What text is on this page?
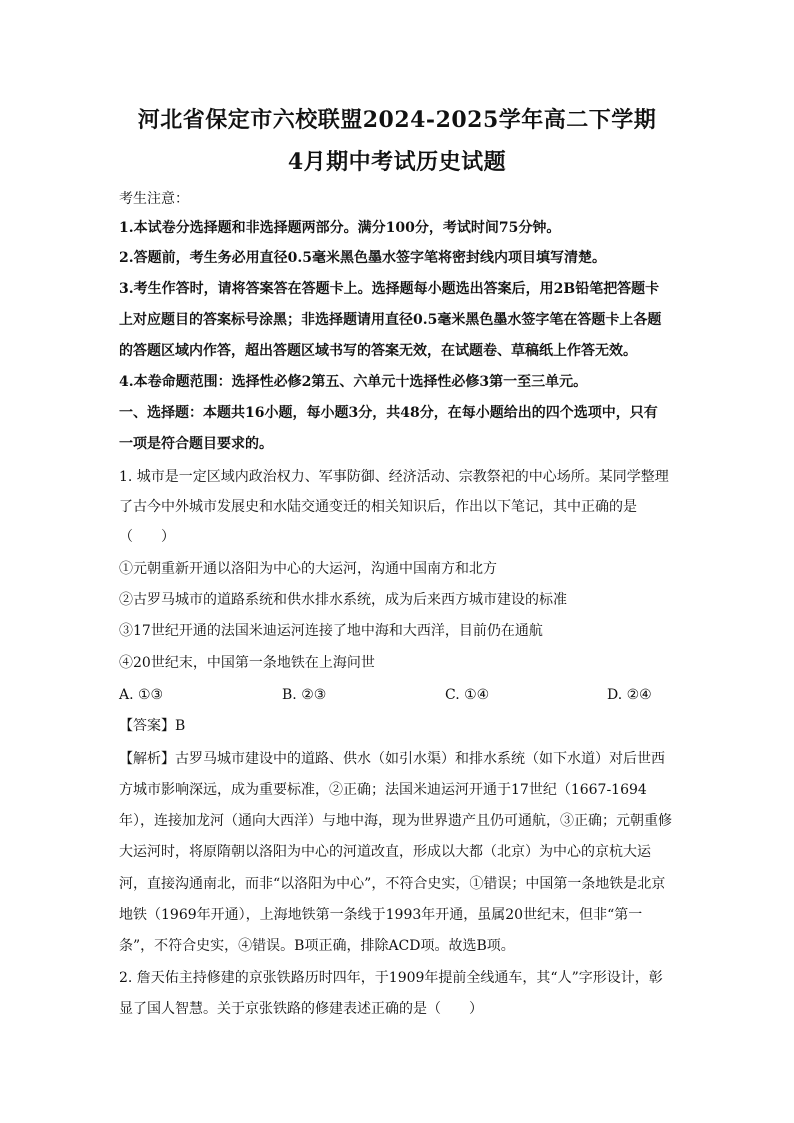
河北省保定市六校联盟2024-2025学年高二下学期
4月期中考试历史试题
考生注意：
1.本试卷分选择题和非选择题两部分。满分100分，考试时间75分钟。
2.答题前，考生务必用直径0.5毫米黑色墨水签字笔将密封线内项目填写清楚。
3.考生作答时，请将答案答在答题卡上。选择题每小题选出答案后，用2B铅笔把答题卡
上对应题目的答案标号涂黑；非选择题请用直径0.5毫米黑色墨水签字笔在答题卡上各题
的答题区域内作答，超出答题区域书写的答案无效，在试题卷、草稿纸上作答无效。
4.本卷命题范围：选择性必修2第五、六单元十选择性必修3第一至三单元。
一、选择题：本题共16小题，每小题3分，共48分，在每小题给出的四个选项中，只有
一项是符合题目要求的。
1. 城市是一定区域内政治权力、军事防御、经济活动、宗教祭祀的中心场所。某同学整理
了古今中外城市发展史和水陆交通变迁的相关知识后，作出以下笔记，其中正确的是
（　　）
①元朝重新开通以洛阳为中心的大运河，沟通中国南方和北方
②古罗马城市的道路系统和供水排水系统，成为后来西方城市建设的标准
③17世纪开通的法国米迪运河连接了地中海和大西洋，目前仍在通航
④20世纪末，中国第一条地铁在上海问世
A. ①③	B. ②③	C. ①④	D. ②④
【答案】B
【解析】古罗马城市建设中的道路、供水（如引水渠）和排水系统（如下水道）对后世西
方城市影响深远，成为重要标准，②正确；法国米迪运河开通于17世纪（1667-1694
年），连接加龙河（通向大西洋）与地中海，现为世界遗产且仍可通航，③正确；元朝重修
大运河时，将原隋朝以洛阳为中心的河道改直，形成以大都（北京）为中心的京杭大运
河，直接沟通南北，而非“以洛阳为中心”，不符合史实，①错误；中国第一条地铁是北京
地铁（1969年开通），上海地铁第一条线于1993年开通，虽属20世纪末，但非“第一
条”，不符合史实，④错误。B项正确，排除ACD项。故选B项。
2. 詹天佑主持修建的京张铁路历时四年，于1909年提前全线通车，其“人”字形设计，彰
显了国人智慧。关于京张铁路的修建表述正确的是（　　）
